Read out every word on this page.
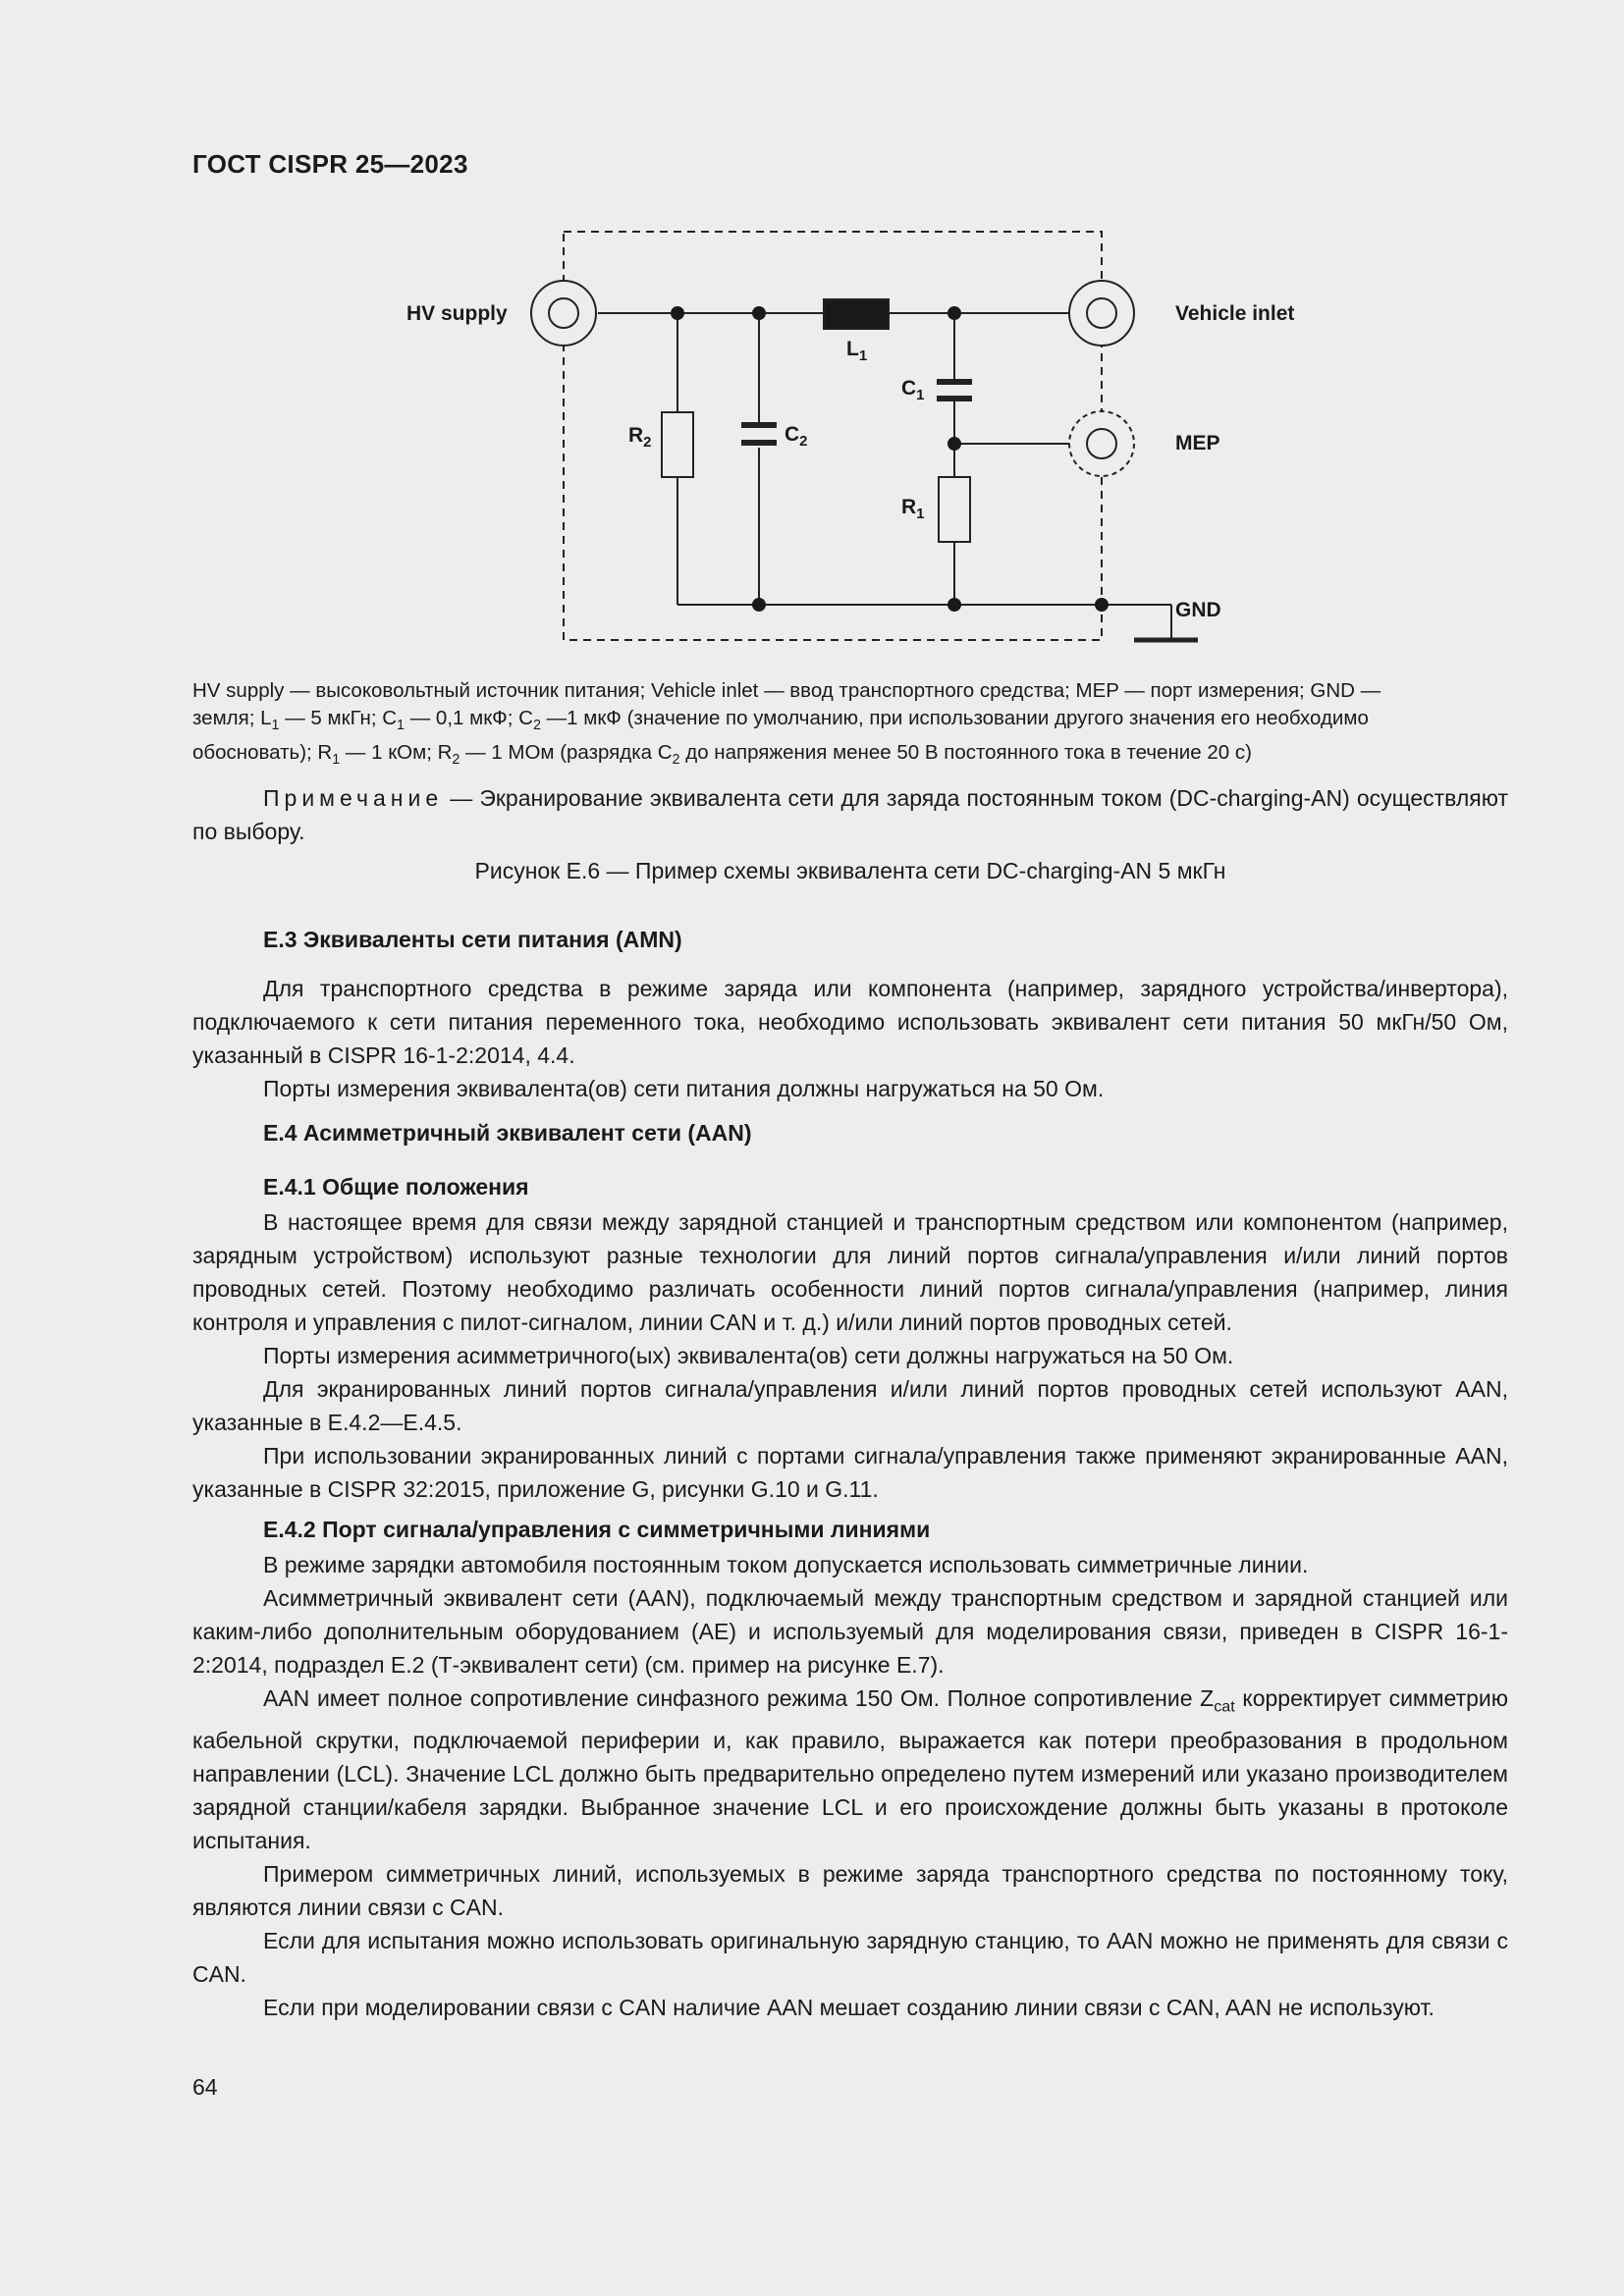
ГОСТ CISPR 25—2023
HV supply	Vehicle inlet
MEP
GND
$L_1$
$C_1$
$C_2$
$R_2$
$R_1$
HV supply — высоковольтный источник питания; Vehicle inlet — ввод транспортного средства; MEP — порт измерения; GND —
земля; $L_1$ — 5 мкГн; $C_1$ — 0,1 мкФ; $C_2$ —1 мкФ (значение по умолчанию, при использовании другого значения его необходимо
обосновать); $R_1$ — 1 кОм; $R_2$ — 1 МОм (разрядка $C_2$ до напряжения менее 50 В постоянного тока в течение 20 с)

Примечание — Экранирование эквивалента сети для заряда постоянным током (DC-charging-AN) осуществляют по выбору.

Рисунок Е.6 — Пример схемы эквивалента сети DC-charging-AN 5 мкГн
Е.3 Эквиваленты сети питания (AMN)

Для транспортного средства в режиме заряда или компонента (например, зарядного устройства/инвертора), подключаемого к сети питания переменного тока, необходимо использовать эквивалент сети питания 50 мкГн/50 Ом, указанный в CISPR 16-1-2:2014, 4.4.

Порты измерения эквивалента(ов) сети питания должны нагружаться на 50 Ом.

Е.4 Асимметричный эквивалент сети (AAN)
Е.4.1 Общие положения

В настоящее время для связи между зарядной станцией и транспортным средством или компонентом (например, зарядным устройством) используют разные технологии для линий портов сигнала/управления и/или линий портов проводных сетей. Поэтому необходимо различать особенности линий портов сигнала/управления (например, линия контроля и управления с пилот-сигналом, линии CAN и т. д.) и/или линий портов проводных сетей.

Порты измерения асимметричного(ых) эквивалента(ов) сети должны нагружаться на 50 Ом.

Для экранированных линий портов сигнала/управления и/или линий портов проводных сетей используют AAN, указанные в Е.4.2—Е.4.5.

При использовании экранированных линий с портами сигнала/управления также применяют экранированные AAN, указанные в CISPR 32:2015, приложение G, рисунки G.10 и G.11.

Е.4.2 Порт сигнала/управления с симметричными линиями

В режиме зарядки автомобиля постоянным током допускается использовать симметричные линии.

Асимметричный эквивалент сети (AAN), подключаемый между транспортным средством и зарядной станцией или каким-либо дополнительным оборудованием (АЕ) и используемый для моделирования связи, приведен в CISPR 16-1-2:2014, подраздел Е.2 (Т-эквивалент сети) (см. пример на рисунке Е.7).

AAN имеет полное сопротивление синфазного режима 150 Ом. Полное сопротивление $Z_{cat}$ корректирует симметрию кабельной скрутки, подключаемой периферии и, как правило, выражается как потери преобразования в продольном направлении (LCL). Значение LCL должно быть предварительно определено путем измерений или указано производителем зарядной станции/кабеля зарядки. Выбранное значение LCL и его происхождение должны быть указаны в протоколе испытания.

Примером симметричных линий, используемых в режиме заряда транспортного средства по постоянному току, являются линии связи с CAN.

Если для испытания можно использовать оригинальную зарядную станцию, то AAN можно не применять для связи с CAN.

Если при моделировании связи с CAN наличие AAN мешает созданию линии связи с CAN, AAN не используют.

64
